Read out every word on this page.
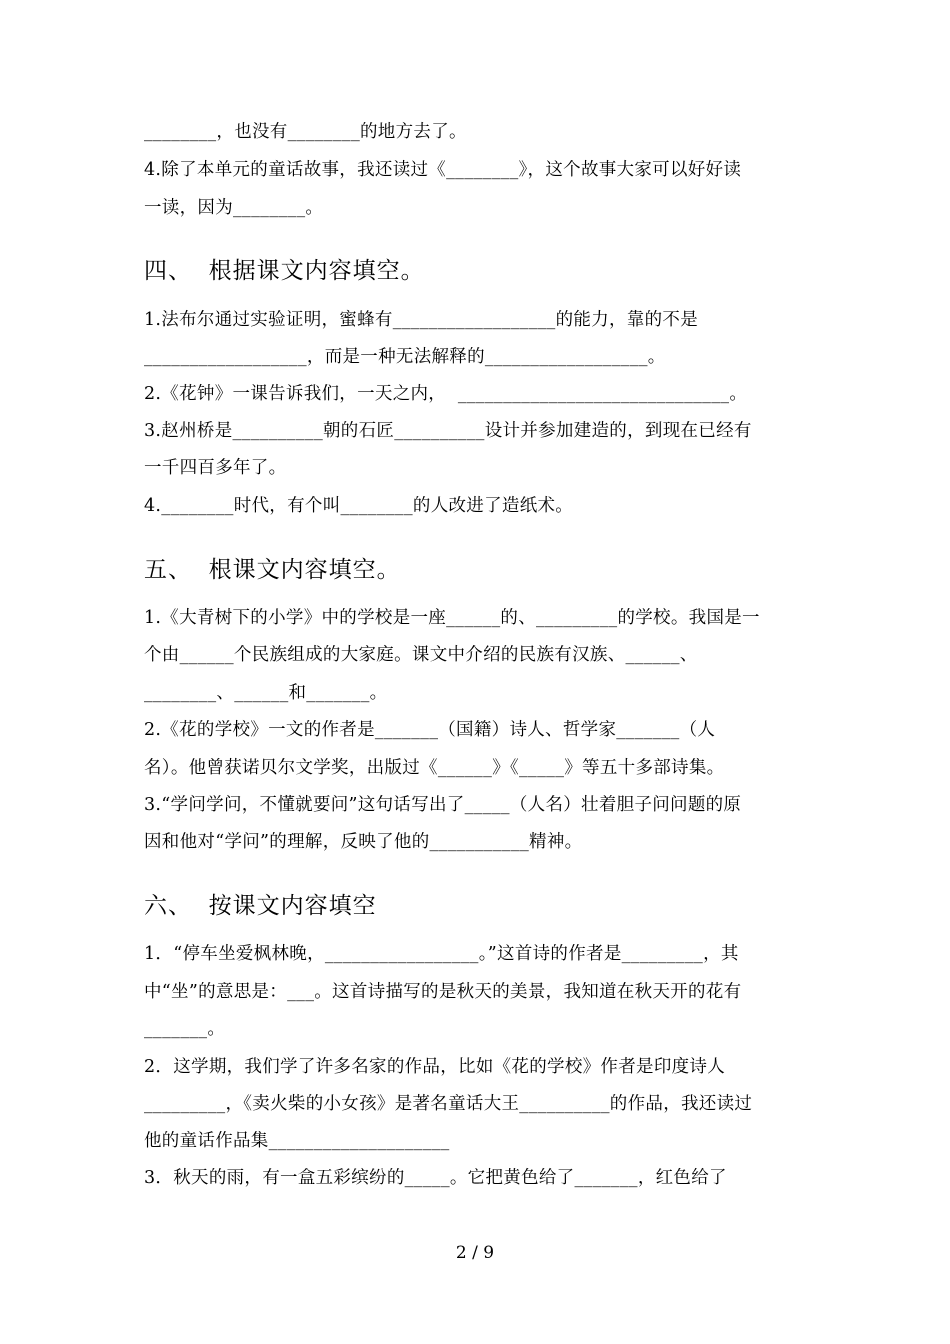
________，也没有________的地方去了。
4.除了本单元的童话故事，我还读过《________》，这个故事大家可以好好读
一读，因为________。
四、  根据课文内容填空。
1.法布尔通过实验证明，蜜蜂有__________________的能力，靠的不是
__________________，而是一种无法解释的__________________。
2.《花钟》一课告诉我们，一天之内，  ______________________________。
3.赵州桥是__________朝的石匠__________设计并参加建造的，到现在已经有
一千四百多年了。
4.________时代，有个叫________的人改进了造纸术。
五、  根课文内容填空。
1.《大青树下的小学》中的学校是一座______的、_________的学校。我国是一
个由______个民族组成的大家庭。课文中介绍的民族有汉族、______、
________、______和_______。
2.《花的学校》一文的作者是_______（国籍）诗人、哲学家_______（人
名）。他曾获诺贝尔文学奖，出版过《______》《_____》等五十多部诗集。
3.“学问学问，不懂就要问”这句话写出了_____（人名）壮着胆子问问题的原
因和他对“学问”的理解，反映了他的___________精神。
六、  按课文内容填空
1．“停车坐爱枫林晚，_________________。”这首诗的作者是_________，其
中“坐”的意思是：___。这首诗描写的是秋天的美景，我知道在秋天开的花有
_______。
2．这学期，我们学了许多名家的作品，比如《花的学校》作者是印度诗人
_________，《卖火柴的小女孩》是著名童话大王__________的作品，我还读过
他的童话作品集____________________
3．秋天的雨，有一盒五彩缤纷的_____。它把黄色给了_______，红色给了
2 / 9
